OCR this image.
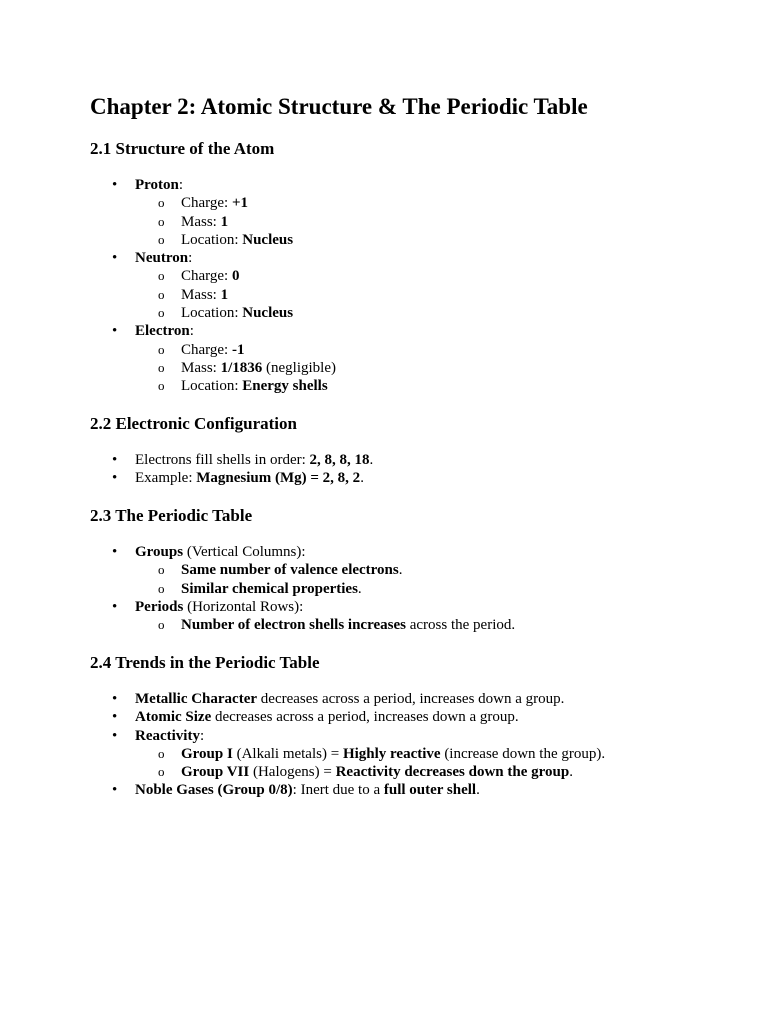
Chapter 2: Atomic Structure & The Periodic Table
2.1 Structure of the Atom
• Proton:
o Charge: +1
o Mass: 1
o Location: Nucleus
• Neutron:
o Charge: 0
o Mass: 1
o Location: Nucleus
• Electron:
o Charge: -1
o Mass: 1/1836 (negligible)
o Location: Energy shells
2.2 Electronic Configuration
• Electrons fill shells in order: 2, 8, 8, 18.
• Example: Magnesium (Mg) = 2, 8, 2.
2.3 The Periodic Table
• Groups (Vertical Columns):
o Same number of valence electrons.
o Similar chemical properties.
• Periods (Horizontal Rows):
o Number of electron shells increases across the period.
2.4 Trends in the Periodic Table
• Metallic Character decreases across a period, increases down a group.
• Atomic Size decreases across a period, increases down a group.
• Reactivity:
o Group I (Alkali metals) = Highly reactive (increase down the group).
o Group VII (Halogens) = Reactivity decreases down the group.
• Noble Gases (Group 0/8): Inert due to a full outer shell.
